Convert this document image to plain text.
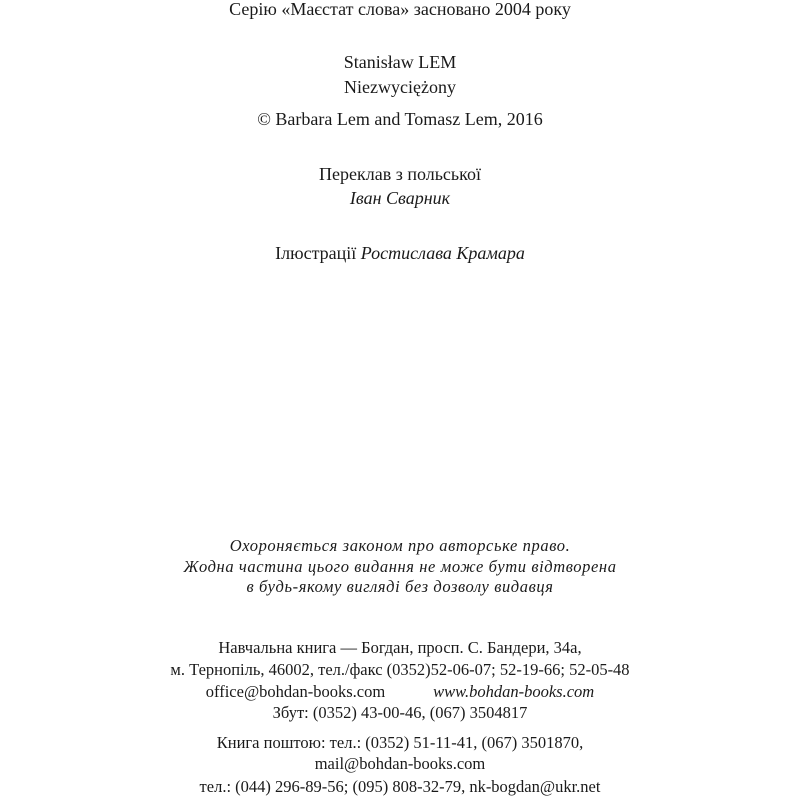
Серію «Маєстат слова» засновано 2004 року
Stanisław LEM
Niezwyciężony
© Barbara Lem and Tomasz Lem, 2016
Переклав з польської
Іван Сварник
Ілюстрації Ростислава Крамара
Охороняється законом про авторське право.
Жодна частина цього видання не може бути відтворена
в будь-якому вигляді без дозволу видавця
Навчальна книга — Богдан, просп. С. Бандери, 34а,
м. Тернопіль, 46002, тел./факс (0352)52-06-07; 52-19-66; 52-05-48
office@bohdan-books.com	www.bohdan-books.com
Збут: (0352) 43-00-46, (067) 3504817
Книга поштою: тел.: (0352) 51-11-41, (067) 3501870,
mail@bohdan-books.com
тел.: (044) 296-89-56; (095) 808-32-79, nk-bogdan@ukr.net
